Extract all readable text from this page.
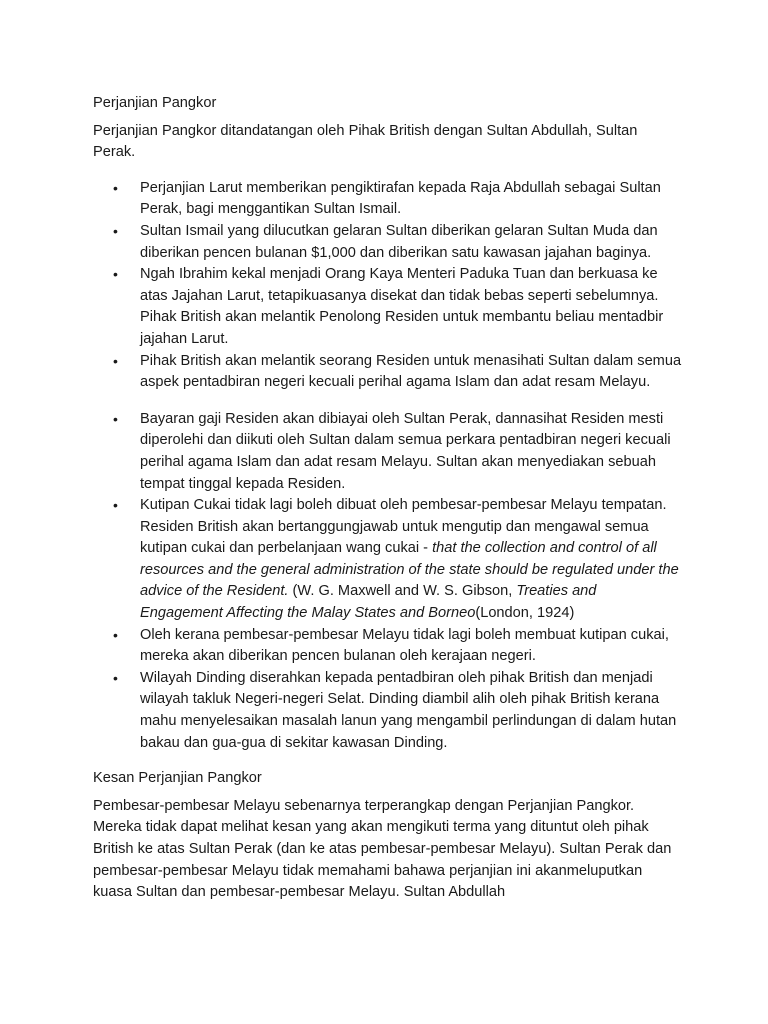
Perjanjian Pangkor

Perjanjian Pangkor ditandatangan oleh Pihak British dengan Sultan Abdullah, Sultan Perak.

• Perjanjian Larut memberikan pengiktirafan kepada Raja Abdullah sebagai Sultan Perak, bagi menggantikan Sultan Ismail.
• Sultan Ismail yang dilucutkan gelaran Sultan diberikan gelaran Sultan Muda dan diberikan pencen bulanan $1,000 dan diberikan satu kawasan jajahan baginya.
• Ngah Ibrahim kekal menjadi Orang Kaya Menteri Paduka Tuan dan berkuasa ke atas Jajahan Larut, tetapikuasanya disekat dan tidak bebas seperti sebelumnya. Pihak British akan melantik Penolong Residen untuk membantu beliau mentadbir jajahan Larut.
• Pihak British akan melantik seorang Residen untuk menasihati Sultan dalam semua aspek pentadbiran negeri kecuali perihal agama Islam dan adat resam Melayu.
• Bayaran gaji Residen akan dibiayai oleh Sultan Perak, dannasihat Residen mesti diperolehi dan diikuti oleh Sultan dalam semua perkara pentadbiran negeri kecuali perihal agama Islam dan adat resam Melayu. Sultan akan menyediakan sebuah tempat tinggal kepada Residen.
• Kutipan Cukai tidak lagi boleh dibuat oleh pembesar-pembesar Melayu tempatan. Residen British akan bertanggungjawab untuk mengutip dan mengawal semua kutipan cukai dan perbelanjaan wang cukai - that the collection and control of all resources and the general administration of the state should be regulated under the advice of the Resident. (W. G. Maxwell and W. S. Gibson, Treaties and Engagement Affecting the Malay States and Borneo(London, 1924)
• Oleh kerana pembesar-pembesar Melayu tidak lagi boleh membuat kutipan cukai, mereka akan diberikan pencen bulanan oleh kerajaan negeri.
• Wilayah Dinding diserahkan kepada pentadbiran oleh pihak British dan menjadi wilayah takluk Negeri-negeri Selat. Dinding diambil alih oleh pihak British kerana mahu menyelesaikan masalah lanun yang mengambil perlindungan di dalam hutan bakau dan gua-gua di sekitar kawasan Dinding.

Kesan Perjanjian Pangkor

Pembesar-pembesar Melayu sebenarnya terperangkap dengan Perjanjian Pangkor. Mereka tidak dapat melihat kesan yang akan mengikuti terma yang dituntut oleh pihak British ke atas Sultan Perak (dan ke atas pembesar-pembesar Melayu). Sultan Perak dan pembesar-pembesar Melayu tidak memahami bahawa perjanjian ini akanmeluputkan kuasa Sultan dan pembesar-pembesar Melayu. Sultan Abdullah
